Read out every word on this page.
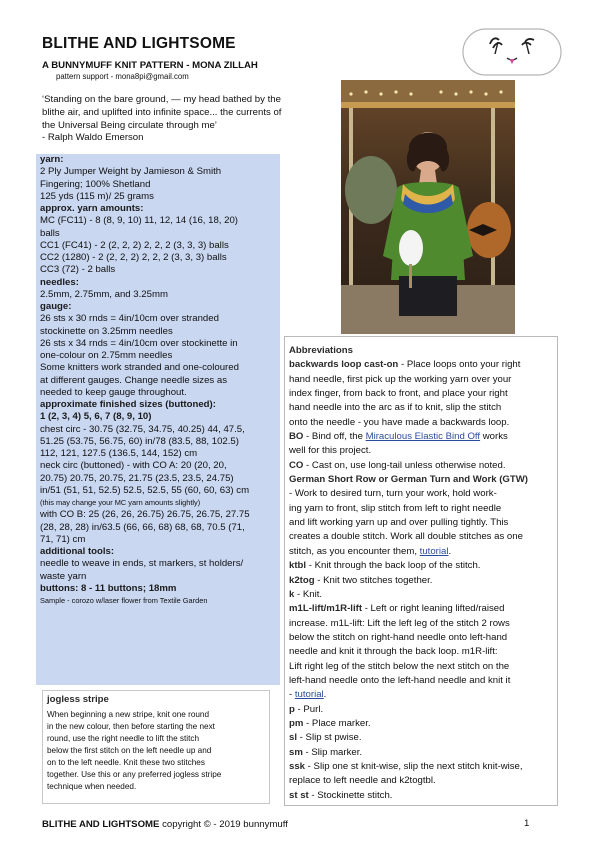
BLITHE AND LIGHTSOME
A BUNNYMUFF KNIT PATTERN - MONA ZILLAH
pattern support - mona8pi@gmail.com
‘Standing on the bare ground, — my head bathed by the
blithe air, and uplifted into infinite space... the currents of
the Universal Being circulate through me’
- Ralph Waldo Emerson
yarn:
2 Ply Jumper Weight by Jamieson & Smith
Fingering; 100% Shetland
125 yds (115 m)/ 25 grams
approx. yarn amounts:
MC (FC11) - 8 (8, 9, 10) 11, 12, 14 (16, 18, 20)
balls
CC1 (FC41) - 2 (2, 2, 2) 2, 2, 2 (3, 3, 3) balls
CC2 (1280) - 2 (2, 2, 2) 2, 2, 2 (3, 3, 3) balls
CC3 (72) - 2 balls
needles:
2.5mm, 2.75mm, and 3.25mm
gauge:
26 sts x 30 rnds = 4in/10cm over stranded
stockinette on 3.25mm needles
26 sts x 34 rnds = 4in/10cm over stockinette in
one-colour on 2.75mm needles
Some knitters work stranded and one-coloured
at different gauges. Change needle sizes as
needed to keep gauge throughout.
approximate finished sizes (buttoned):
1 (2, 3, 4) 5, 6, 7 (8, 9, 10)
chest circ - 30.75 (32.75, 34.75, 40.25) 44, 47.5,
51.25 (53.75, 56.75, 60) in/78 (83.5, 88, 102.5)
112, 121, 127.5 (136.5, 144, 152) cm
neck circ (buttoned) - with CO A: 20 (20, 20,
20.75) 20.75, 20.75, 21.75 (23.5, 23.5, 24.75)
in/51 (51, 51, 52.5) 52.5, 52.5, 55 (60, 60, 63) cm
(this may change your MC yarn amounts slightly)
with CO B: 25 (26, 26, 26.75) 26.75, 26.75, 27.75
(28, 28, 28) in/63.5 (66, 66, 68) 68, 68, 70.5 (71,
71, 71) cm
additional tools:
needle to weave in ends, st markers, st holders/
waste yarn
buttons: 8 - 11 buttons; 18mm
Sample - corozo w/laser flower from Textile Garden
jogless stripe
When beginning a new stripe, knit one round
in the new colour, then before starting the next
round, use the right needle to lift the stitch
below the first stitch on the left needle up and
on to the left needle. Knit these two stitches
together. Use this or any preferred jogless stripe
technique when needed.
Abbreviations
backwards loop cast-on - Place loops onto your right
hand needle, first pick up the working yarn over your
index finger, from back to front, and place your right
hand needle into the arc as if to knit, slip the stitch
onto the needle - you have made a backwards loop.
BO - Bind off, the Miraculous Elastic Bind Off works
well for this project.
CO - Cast on, use long-tail unless otherwise noted.
German Short Row or German Turn and Work (GTW)
- Work to desired turn, turn your work, hold work-
ing yarn to front, slip stitch from left to right needle
and lift working yarn up and over pulling tightly. This
creates a double stitch. Work all double stitches as one
stitch, as you encounter them, tutorial.
ktbl - Knit through the back loop of the stitch.
k2tog - Knit two stitches together.
k - Knit.
m1L-lift/m1R-lift - Left or right leaning lifted/raised
increase. m1L-lift: Lift the left leg of the stitch 2 rows
below the stitch on right-hand needle onto left-hand
needle and knit it through the back loop. m1R-lift:
Lift right leg of the stitch below the next stitch on the
left-hand needle onto the left-hand needle and knit it
- tutorial.
p - Purl.
pm - Place marker.
sl - Slip st pwise.
sm - Slip marker.
ssk - Slip one st knit-wise, slip the next stitch knit-wise,
replace to left needle and k2togtbl.
st st - Stockinette stitch.
BLITHE AND LIGHTSOME copyright © - 2019 bunnymuff	1
